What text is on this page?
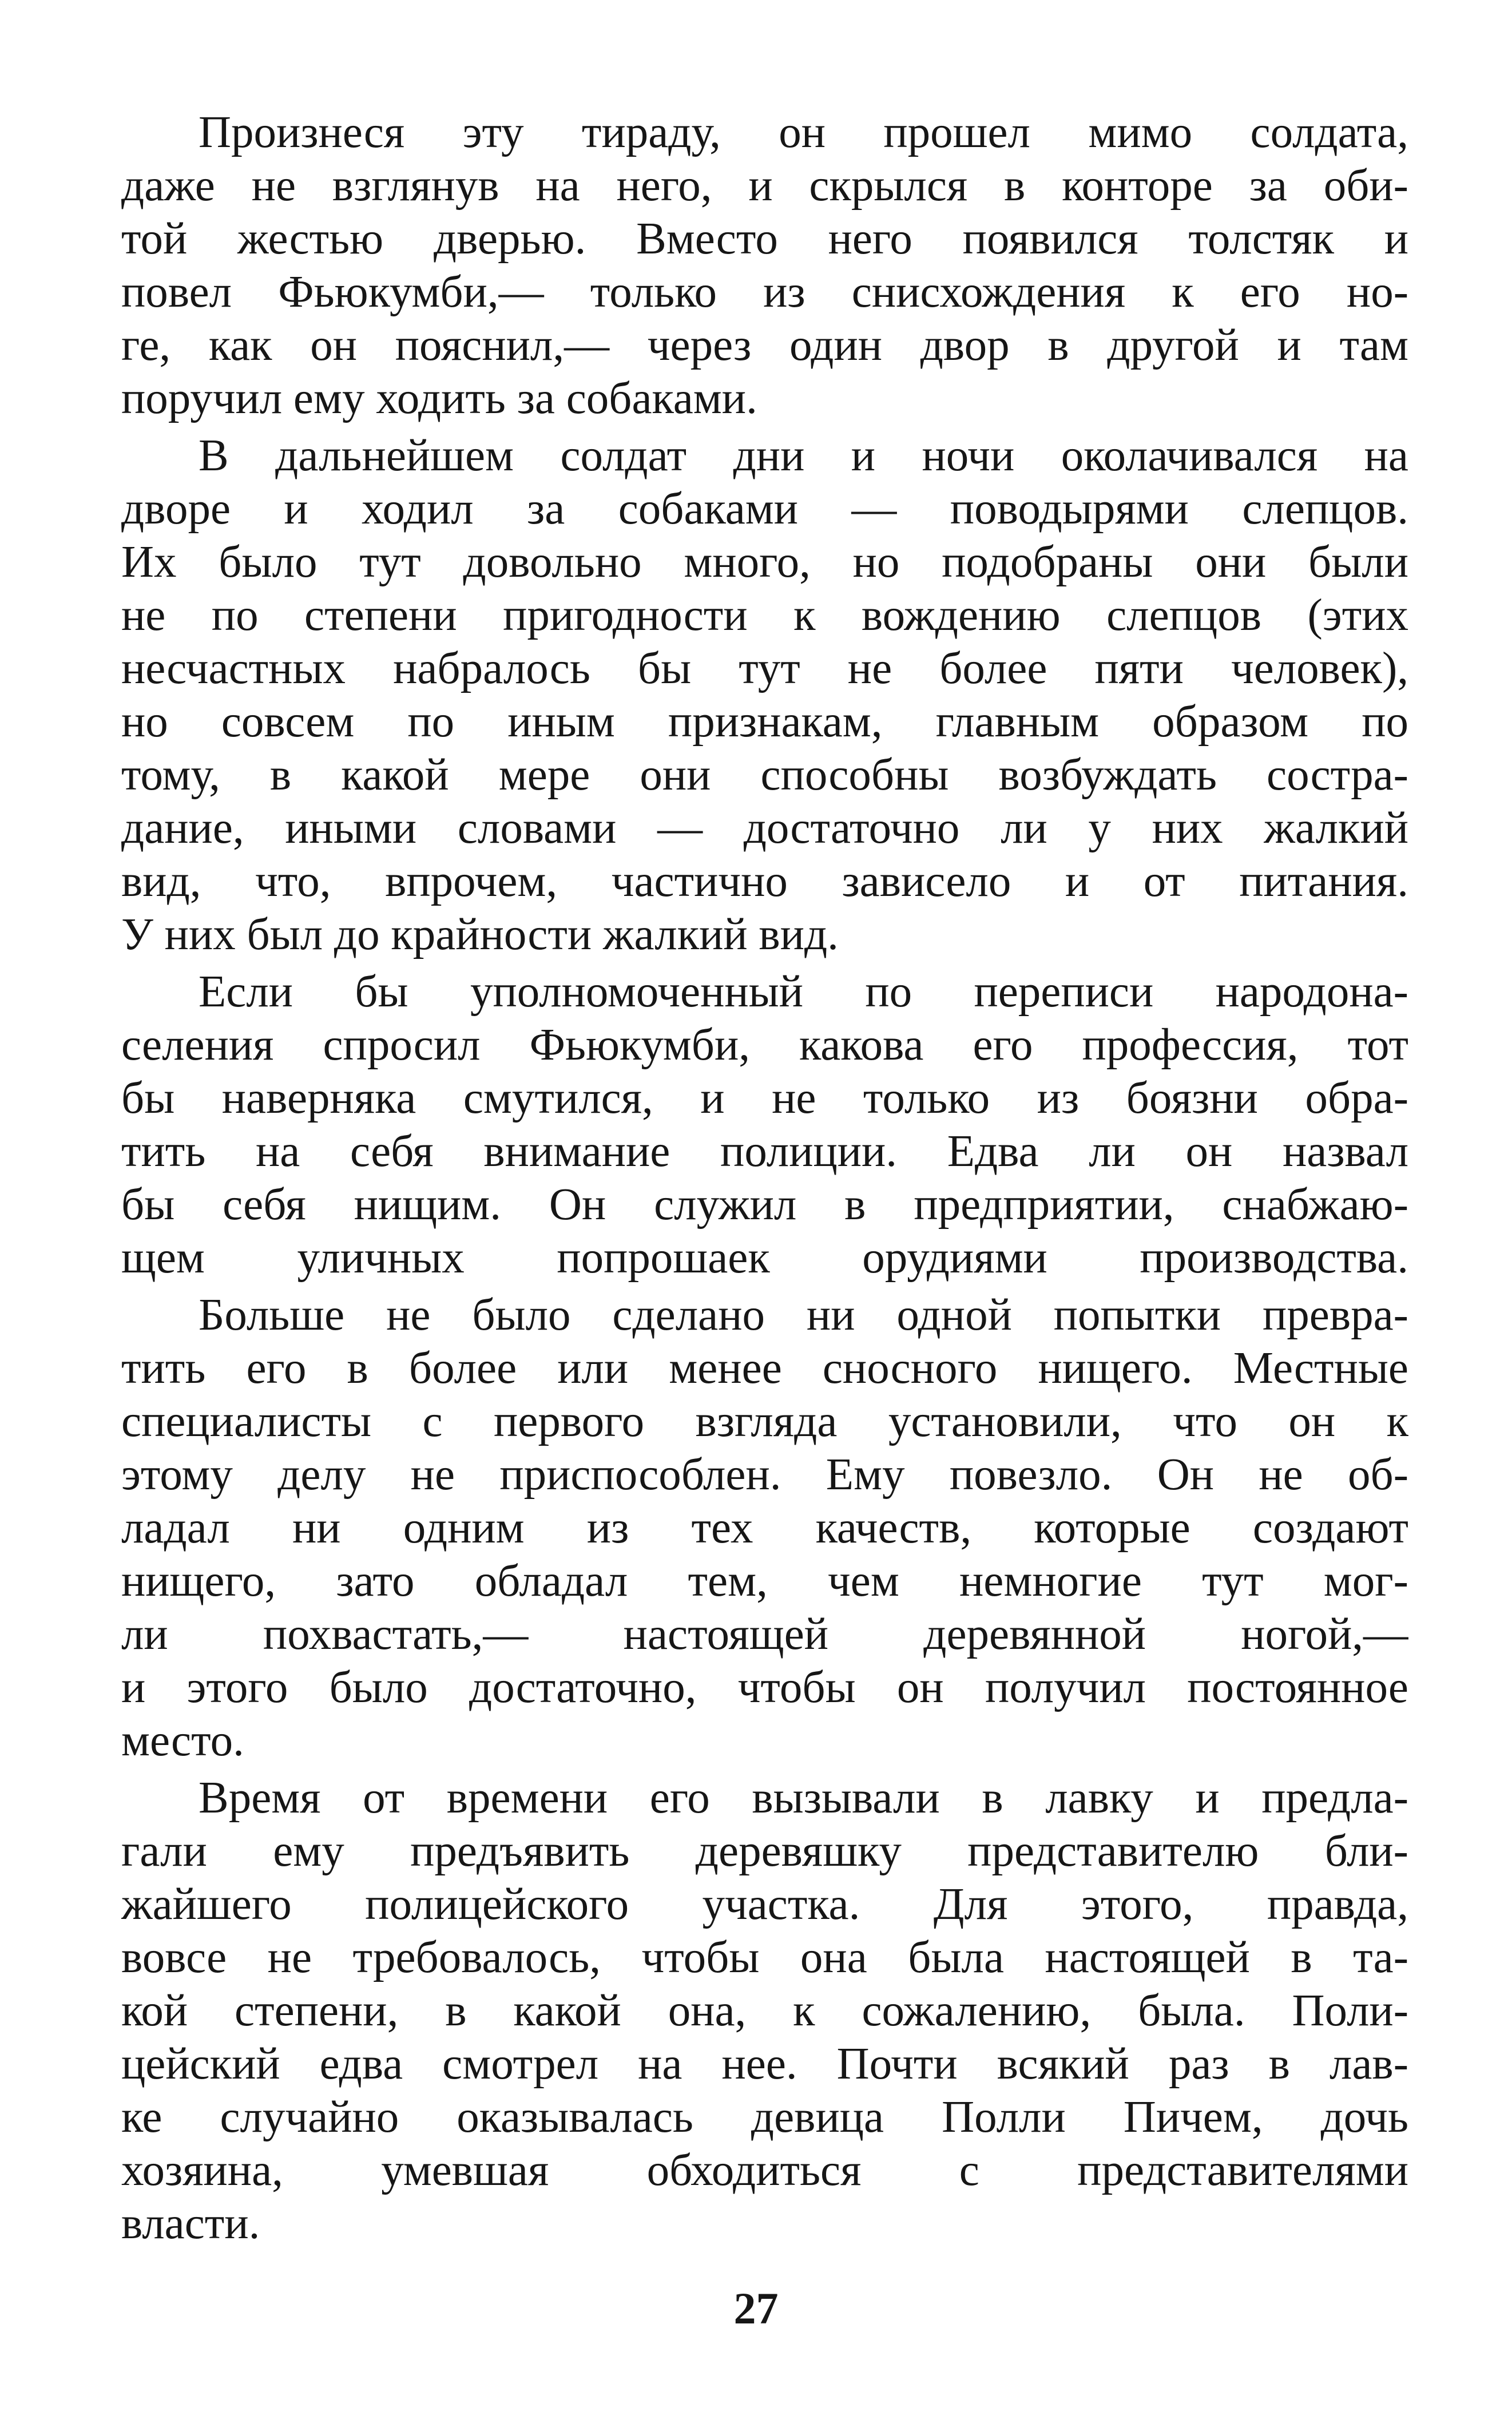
Произнеся эту тираду, он прошел мимо солдата,
даже не взглянув на него, и скрылся в конторе за оби-
той жестью дверью. Вместо него появился толстяк и
повел Фьюкумби,— только из снисхождения к его но-
ге, как он пояснил,— через один двор в другой и там
поручил ему ходить за собаками.
В дальнейшем солдат дни и ночи околачивался на
дворе и ходил за собаками — поводырями слепцов.
Их было тут довольно много, но подобраны они были
не по степени пригодности к вождению слепцов (этих
несчастных набралось бы тут не более пяти человек),
но совсем по иным признакам, главным образом по
тому, в какой мере они способны возбуждать состра-
дание, иными словами — достаточно ли у них жалкий
вид, что, впрочем, частично зависело и от питания.
У них был до крайности жалкий вид.
Если бы уполномоченный по переписи народона-
селения спросил Фьюкумби, какова его профессия, тот
бы наверняка смутился, и не только из боязни обра-
тить на себя внимание полиции. Едва ли он назвал
бы себя нищим. Он служил в предприятии, снабжаю-
щем уличных попрошаек орудиями производства.
Больше не было сделано ни одной попытки превра-
тить его в более или менее сносного нищего. Местные
специалисты с первого взгляда установили, что он к
этому делу не приспособлен. Ему повезло. Он не об-
ладал ни одним из тех качеств, которые создают
нищего, зато обладал тем, чем немногие тут мог-
ли похвастать,— настоящей деревянной ногой,—
и этого было достаточно, чтобы он получил постоянное
место.
Время от времени его вызывали в лавку и предла-
гали ему предъявить деревяшку представителю бли-
жайшего полицейского участка. Для этого, правда,
вовсе не требовалось, чтобы она была настоящей в та-
кой степени, в какой она, к сожалению, была. Поли-
цейский едва смотрел на нее. Почти всякий раз в лав-
ке случайно оказывалась девица Полли Пичем, дочь
хозяина, умевшая обходиться с представителями
власти.
27
